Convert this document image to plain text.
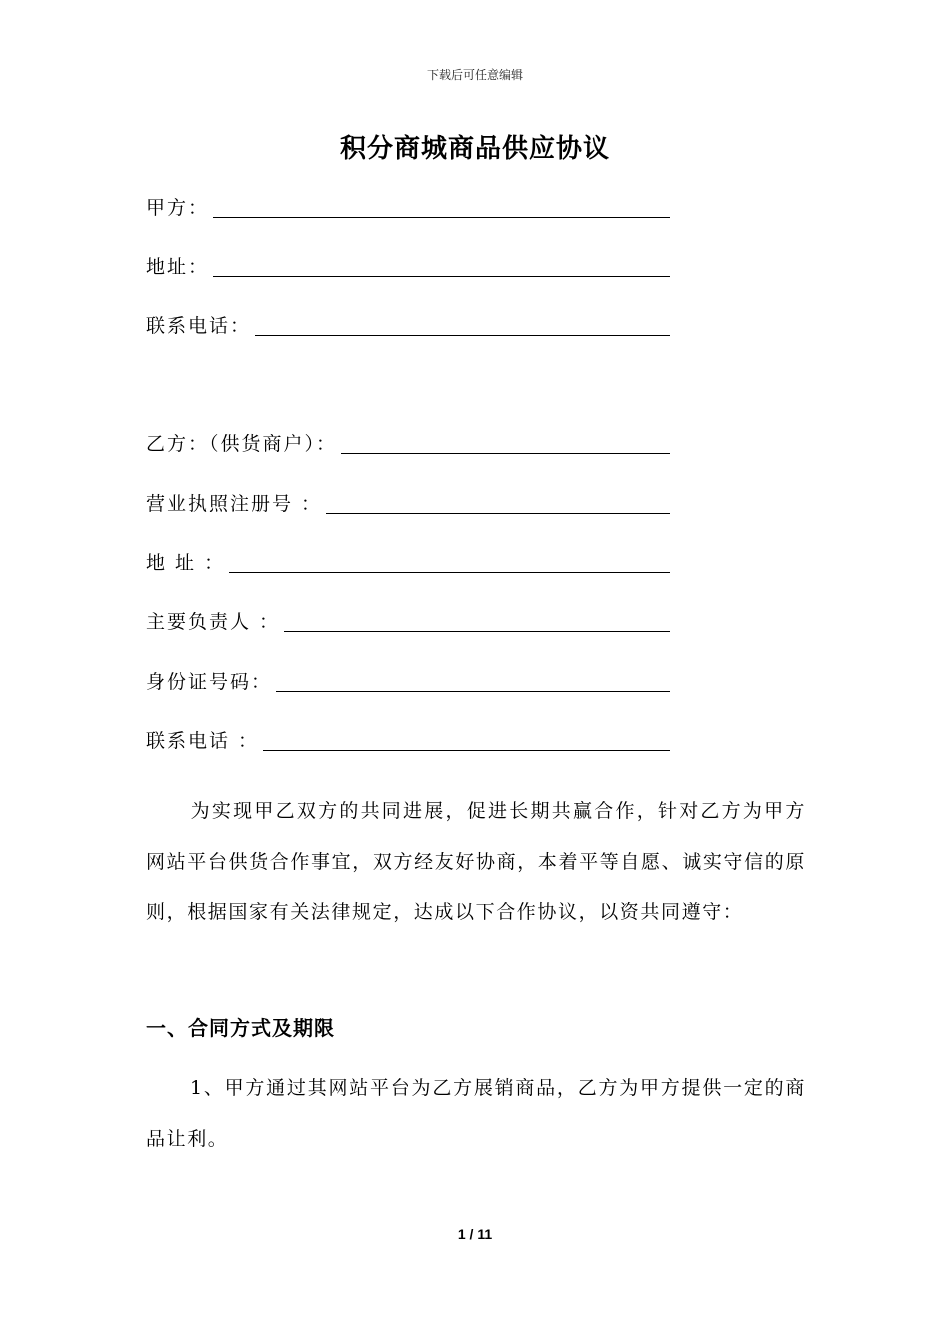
下载后可任意编辑
积分商城商品供应协议
甲方：
地址：
联系电话：
乙方：（供货商户）：
营业执照注册号 ：
地 址 ：
主要负责人 ：
身份证号码：
联系电话 ：
为实现甲乙双方的共同进展，促进长期共赢合作，针对乙方为甲方网站平台供货合作事宜，双方经友好协商，本着平等自愿、诚实守信的原则，根据国家有关法律规定，达成以下合作协议，以资共同遵守：
一、合同方式及期限
1、甲方通过其网站平台为乙方展销商品，乙方为甲方提供一定的商品让利。
1 / 11
